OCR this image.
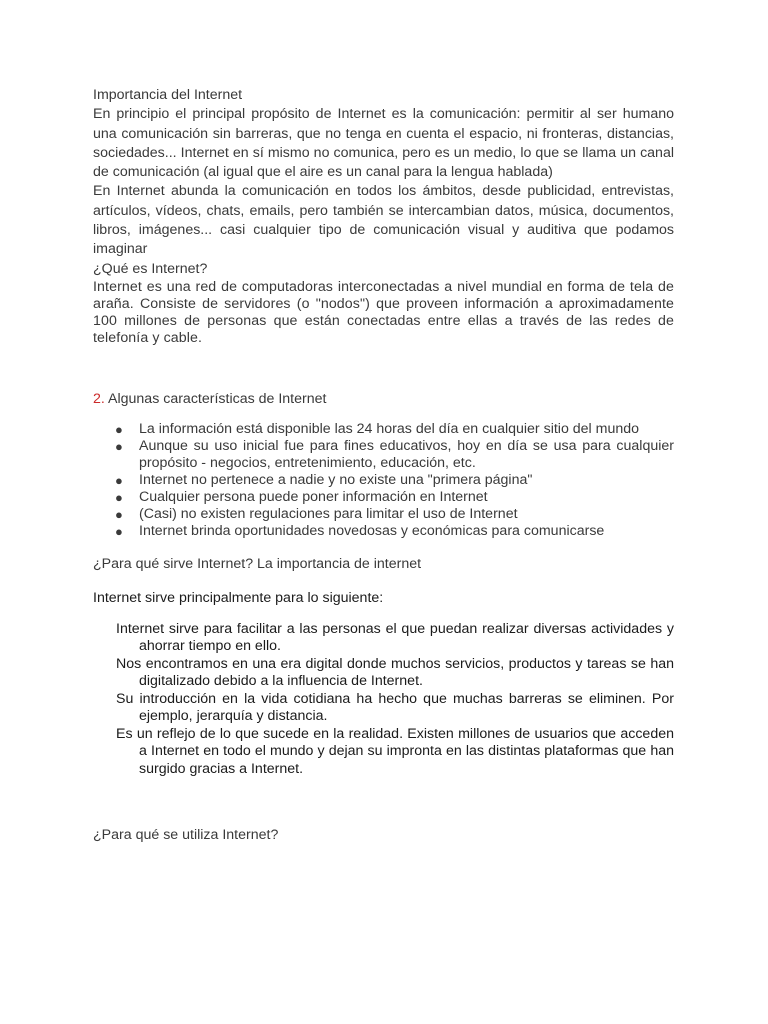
Importancia del Internet

En principio el principal propósito de Internet es la comunicación: permitir al ser humano una comunicación sin barreras, que no tenga en cuenta el espacio, ni fronteras, distancias, sociedades... Internet en sí mismo no comunica, pero es un medio, lo que se llama un canal de comunicación (al igual que el aire es un canal para la lengua hablada)

En Internet abunda la comunicación en todos los ámbitos, desde publicidad, entrevistas, artículos, vídeos, chats, emails, pero también se intercambian datos, música, documentos, libros, imágenes... casi cualquier tipo de comunicación visual y auditiva que podamos imaginar

¿Qué es Internet?

Internet es una red de computadoras interconectadas a nivel mundial en forma de tela de araña. Consiste de servidores (o "nodos") que proveen información a aproximadamente 100 millones de personas que están conectadas entre ellas a través de las redes de telefonía y cable.

2. Algunas características de Internet

● La información está disponible las 24 horas del día en cualquier sitio del mundo
● Aunque su uso inicial fue para fines educativos, hoy en día se usa para cualquier propósito - negocios, entretenimiento, educación, etc.
● Internet no pertenece a nadie y no existe una "primera página"
● Cualquier persona puede poner información en Internet
● (Casi) no existen regulaciones para limitar el uso de Internet
● Internet brinda oportunidades novedosas y económicas para comunicarse

¿Para qué sirve Internet? La importancia de internet

Internet sirve principalmente para lo siguiente:

Internet sirve para facilitar a las personas el que puedan realizar diversas actividades y ahorrar tiempo en ello.
Nos encontramos en una era digital donde muchos servicios, productos y tareas se han digitalizado debido a la influencia de Internet.
Su introducción en la vida cotidiana ha hecho que muchas barreras se eliminen. Por ejemplo, jerarquía y distancia.
Es un reflejo de lo que sucede en la realidad. Existen millones de usuarios que acceden a Internet en todo el mundo y dejan su impronta en las distintas plataformas que han surgido gracias a Internet.

¿Para qué se utiliza Internet?
